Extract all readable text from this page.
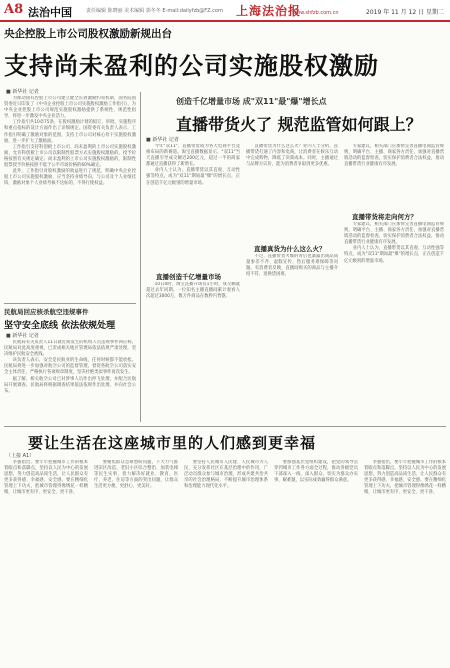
A8 法治中国	责任编辑 陈晓丽 美术编辑 郭冬冬 E-mail:dailyfzb@FZ.com 上海法治报
www.shfzb.com.cn	2019 年 11 月 12 日 星期二
央企控股上市公司股权激励新规出台
支持尚未盈利的公司实施股权激励
■ 新华社 记者

为推动国有控股上市公司建立健全长效激励约束机制，国务院国资委近日印发了《中央企业控股上市公司实施股权激励工作指引》，为中央企业控股上市公司规范实施股权激励提供了系统性、规范性指导，将进一步激发中央企业活力。

工作指引共10章75条，在股权激励计划的拟订、审批、实施程序和重点指标的设计方面作出了详细规定。国资委有关负责人表示，工作指引明确了激励对象的范围，支持上市公司对核心骨干实施股权激励，进一步扩大了激励面。

工作指引支持科创板上市公司、尚未盈利的上市公司实施股权激励，允许科创板上市公司以限制性股票方式实施股权激励的，授予价格按照有关规定确定；尚未盈利的上市公司实施股权激励的，限制性股票授予价格按照不低于公平市场价格的60%确定。

此外，工作指引对股权激励的收益进行了规范，明确中央企业控股上市公司实施股权激励，应当坚持业绩导向，与公司及个人业绩挂钩，激励对象个人业绩考核不达标的，不得行使权益。

民航局回应核杀航空违规事件
坚守安全底线 依法依规处理
■ 新华社 记者

民航局有关负责人11日就近期发生的机组人员违规事件回应称，民航局对此高度重视，已责成相关地区管理局依法依规严肃处理，坚决维护民航安全底线。

该负责人表示，安全是民航业的生命线，任何时候都不能放松。民航局将进一步加强对航空公司的监督管理，督促各航空公司落实安全主体责任，严格执行各项规章制度，坚决杜绝类似事件再次发生。

据了解，相关航空公司已对涉事人员作出停飞处理，并配合民航局开展调查。民航局将根据调查结果依法依规作出处理，并向社会公布。

创造千亿增量市场 成"双11"最"爆"增长点
直播带货火了 规范监管如何跟上？
■ 新华社 记者

今年"双11"，直播带货成为各大电商平台竞相布局的新赛道。淘宝直播数据显示，"双11"当天直播引导成交额近200亿元，超过一半的商家都通过直播获得了新增长。

业内人士认为，直播带货以其直观、互动性强等特点，成为"双11"期间最"爆"的增长点，正在创造千亿元级别的增量市场。

直播创造千亿增量市场

10日0时，淘宝直播开场仅1小时，成交额就超过去年同期。一位知名主播直播间累计观看人次超过3000万，数万件商品在数秒内售罄。

直播带货为什么这么火？业内人士分析，直播带货打通了内容和电商，让消费者在娱乐互动中完成购物，降低了决策成本。同时，主播通过与品牌方议价，能为消费者争取到更多优惠。

直播真货为什么这么火？

不过，直播带货火爆的背后也暴露出商品质量参差不齐、虚假宣传、售后服务难保障等问题。有消费者反映，直播间购买的商品与主播介绍不符，退换货困难。

专家建议，相关部门应加快完善直播电商监管规则，明确平台、主播、商家各方责任，加强对直播营销活动的监督检查，切实保护消费者合法权益，推动直播带货行业健康有序发展。

直播带货将走向何方？

专家建议，相关部门应加快完善直播电商监管规则，明确平台、主播、商家各方责任，加强对直播营销活动的监督检查，切实保护消费者合法权益，推动直播带货行业健康有序发展。

业内人士认为，直播带货以其直观、互动性强等特点，成为"双11"期间最"爆"的增长点，正在创造千亿元级别的增量市场。

要让生活在这座城市里的人们感到更幸福
（上接 A1）

李强指出，要牢牢把握城市工作的根本着眼点和落脚点，坚持以人民为中心的发展思想，努力创造高品质生活，让人民群众有更多获得感、幸福感、安全感。要在精细化管理上下功夫，把城市管理得像绣花一样精细，让城市更有序、更安全、更干净。

要聚焦群众急难愁盼问题，下大力气推进旧区改造、老旧小区综合整治、加装电梯等民生实事，着力解决好就业、教育、医疗、养老、住房等方面的突出问题，让群众生活更方便、更舒心、更美好。

要坚持人民城市人民建、人民城市为人民，充分发挥社区在基层治理中的作用，广泛动员群众参与城市治理，形成共建共治共享的社会治理格局，不断提升城市治理体系和治理能力现代化水平。

要加强基层党组织建设，把党的领导贯穿到城市工作各方面全过程，推动各级党员干部深入一线、深入群众，切实为群众办实事、解难题，以实际成效赢得群众满意。

李强指出，要牢牢把握城市工作的根本着眼点和落脚点，坚持以人民为中心的发展思想，努力创造高品质生活，让人民群众有更多获得感、幸福感、安全感。要在精细化管理上下功夫，把城市管理得像绣花一样精细，让城市更有序、更安全、更干净。
